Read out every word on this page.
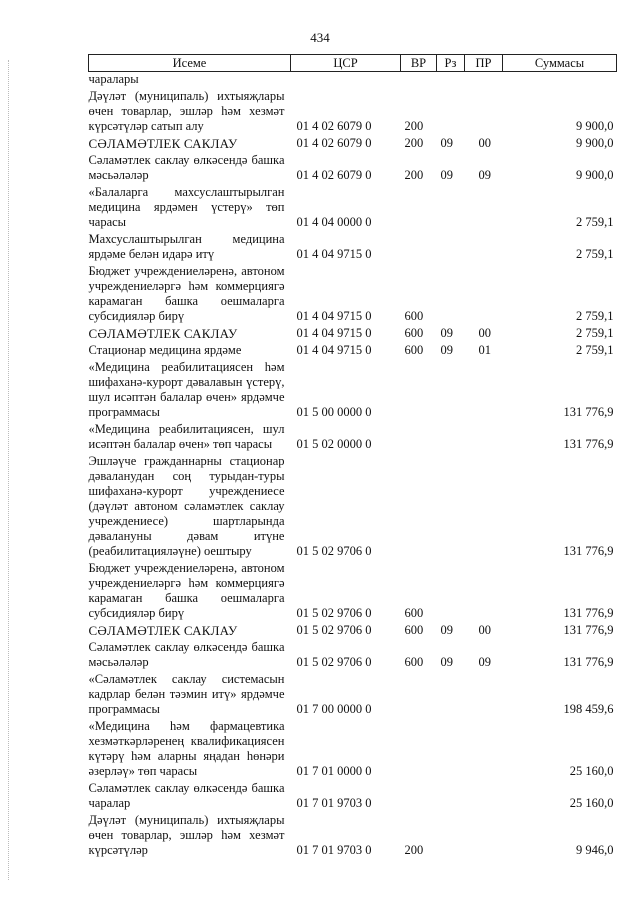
434
Исеме	ЦСР	ВР	Рз	ПР	Суммасы
чаралары					
Дәүләт (муниципаль) ихтыяҗлары өчен товарлар, эшләр һәм хезмәт күрсәтүләр сатып алу	01 4 02 6079 0	200			9 900,0
СӘЛАМӘТЛЕК САКЛАУ	01 4 02 6079 0	200	09	00	9 900,0
Сәламәтлек саклау өлкәсендә башка мәсьәләләр	01 4 02 6079 0	200	09	09	9 900,0
«Балаларга махсуслаштырылган медицина ярдәмен үстерү» төп чарасы	01 4 04 0000 0				2 759,1
Махсуслаштырылган медицина ярдәме белән идарә итү	01 4 04 9715 0				2 759,1
Бюджет учреждениеләренә, автоном учреждениеләргә һәм коммерциягә карамаган башка оешмаларга субсидияләр бирү	01 4 04 9715 0	600			2 759,1
СӘЛАМӘТЛЕК САКЛАУ	01 4 04 9715 0	600	09	00	2 759,1
Стационар медицина ярдәме	01 4 04 9715 0	600	09	01	2 759,1
«Медицина реабилитациясен һәм шифаханә-курорт дәвалавын үстерү, шул исәптән балалар өчен» ярдәмче программасы	01 5 00 0000 0				131 776,9
«Медицина реабилитациясен, шул исәптән балалар өчен» төп чарасы	01 5 02 0000 0				131 776,9
Эшләүче гражданнарны стационар дәваланудан соң турыдан-туры шифаханә-курорт учреждениесе (дәүләт автоном сәламәтлек саклау учреждениесе) шартларында дәвалануны дәвам итүне (реабилитацияләүне) оештыру	01 5 02 9706 0				131 776,9
Бюджет учреждениеләренә, автоном учреждениеләргә һәм коммерциягә карамаган башка оешмаларга субсидияләр бирү	01 5 02 9706 0	600			131 776,9
СӘЛАМӘТЛЕК САКЛАУ	01 5 02 9706 0	600	09	00	131 776,9
Сәламәтлек саклау өлкәсендә башка мәсьәләләр	01 5 02 9706 0	600	09	09	131 776,9
«Сәламәтлек саклау системасын кадрлар белән тәэмин итү» ярдәмче программасы	01 7 00 0000 0				198 459,6
«Медицина һәм фармацевтика хезмәткәрләренең квалификациясен күтәрү һәм аларны яңадан һөнәри әзерләү» төп чарасы	01 7 01 0000 0				25 160,0
Сәламәтлек саклау өлкәсендә башка чаралар	01 7 01 9703 0				25 160,0
Дәүләт (муниципаль) ихтыяҗлары өчен товарлар, эшләр һәм хезмәт күрсәтүләр	01 7 01 9703 0	200			9 946,0
